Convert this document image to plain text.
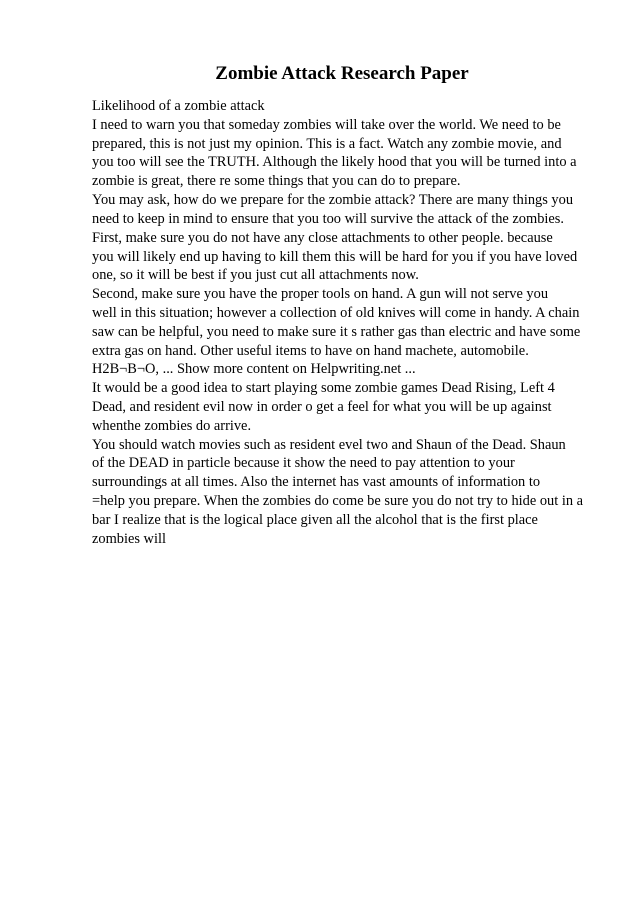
Zombie Attack Research Paper
Likelihood of a zombie attack
I need to warn you that someday zombies will take over the world. We need to be
prepared, this is not just my opinion. This is a fact. Watch any zombie movie, and
you too will see the TRUTH. Although the likely hood that you will be turned into a
zombie is great, there re some things that you can do to prepare.
You may ask, how do we prepare for the zombie attack? There are many things you
need to keep in mind to ensure that you too will survive the attack of the zombies.
First, make sure you do not have any close attachments to other people. because
you will likely end up having to kill them this will be hard for you if you have loved
one, so it will be best if you just cut all attachments now.
Second, make sure you have the proper tools on hand. A gun will not serve you
well in this situation; however a collection of old knives will come in handy. A chain
saw can be helpful, you need to make sure it s rather gas than electric and have some
extra gas on hand. Other useful items to have on hand machete, automobile.
H2B¬B¬O, ... Show more content on Helpwriting.net ...
It would be a good idea to start playing some zombie games Dead Rising, Left 4
Dead, and resident evil now in order o get a feel for what you will be up against
whenthe zombies do arrive.
You should watch movies such as resident evel two and Shaun of the Dead. Shaun
of the DEAD in particle because it show the need to pay attention to your
surroundings at all times. Also the internet has vast amounts of information to
=help you prepare. When the zombies do come be sure you do not try to hide out in a
bar I realize that is the logical place given all the alcohol that is the first place
zombies will
